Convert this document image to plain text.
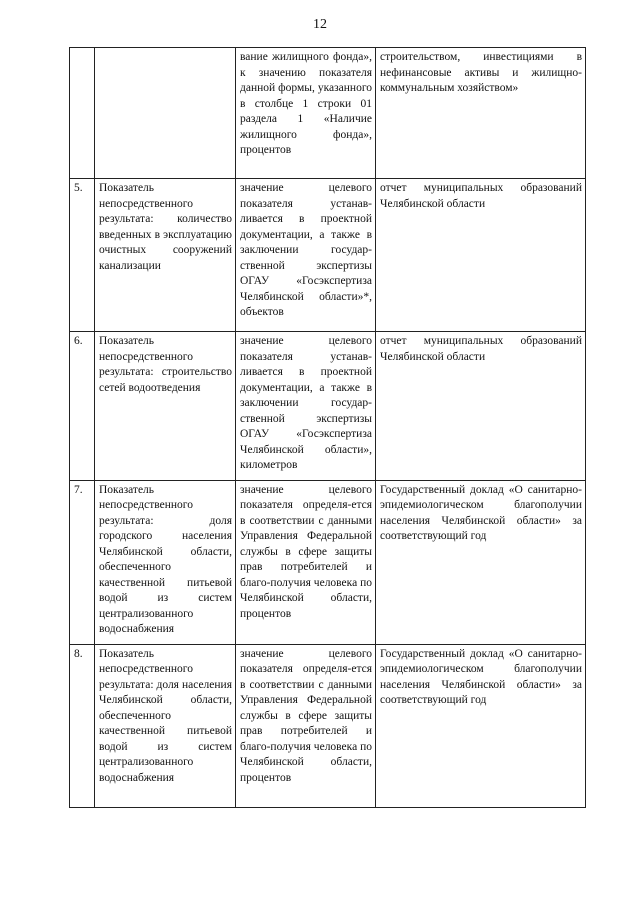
12
		вание жилищного фонда», к значению показателя данной формы, указанного в столбце 1 строки 01 раздела 1 «Наличие жилищного фонда», процентов	строительством, инвестициями в нефинансовые активы и жилищно-коммунальным хозяйством»
5.	Показатель непосредственного результата: количество введенных в эксплуатацию очистных сооружений канализации	значение целевого показателя устанав-ливается в проектной документации, а также в заключении государ-ственной экспертизы ОГАУ «Госэкспертиза Челябинской области»*, объектов	отчет муниципальных образований Челябинской области
6.	Показатель непосредственного результата: строительство сетей водоотведения	значение целевого показателя устанав-ливается в проектной документации, а также в заключении государ-ственной экспертизы ОГАУ «Госэкспертиза Челябинской области», километров	отчет муниципальных образований Челябинской области
7.	Показатель непосредственного результата: доля городского населения Челябинской области, обеспеченного качественной питьевой водой из систем централизованного водоснабжения	значение целевого показателя определя-ется в соответствии с данными Управления Федеральной службы в сфере защиты прав потребителей и благо-получия человека по Челябинской области, процентов	Государственный доклад «О санитарно-эпидемиологическом благополучии населения Челябинской области» за соответствующий год
8.	Показатель непосредственного результата: доля населения Челябинской области, обеспеченного качественной питьевой водой из систем централизованного водоснабжения	значение целевого показателя определя-ется в соответствии с данными Управления Федеральной службы в сфере защиты прав потребителей и благо-получия человека по Челябинской области, процентов	Государственный доклад «О санитарно-эпидемиологическом благополучии населения Челябинской области» за соответствующий год
